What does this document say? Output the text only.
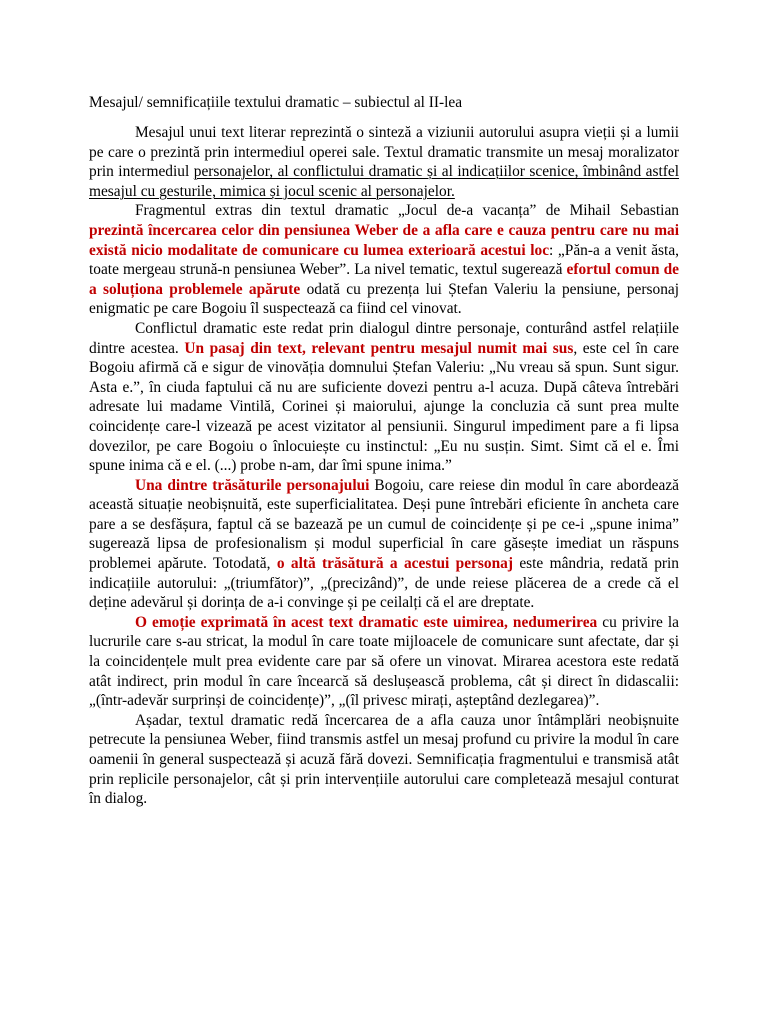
Mesajul/ semnificațiile textului dramatic – subiectul al II-lea

Mesajul unui text literar reprezintă o sinteză a viziunii autorului asupra vieții și a lumii pe care o prezintă prin intermediul operei sale. Textul dramatic transmite un mesaj moralizator prin intermediul personajelor, al conflictului dramatic și al indicațiilor scenice, îmbinând astfel mesajul cu gesturile, mimica și jocul scenic al personajelor.

Fragmentul extras din textul dramatic „Jocul de-a vacanța” de Mihail Sebastian prezintă încercarea celor din pensiunea Weber de a afla care e cauza pentru care nu mai există nicio modalitate de comunicare cu lumea exterioară acestui loc: „Păn-a a venit ăsta, toate mergeau strună-n pensiunea Weber”. La nivel tematic, textul sugerează efortul comun de a soluționa problemele apărute odată cu prezența lui Ștefan Valeriu la pensiune, personaj enigmatic pe care Bogoiu îl suspectează ca fiind cel vinovat.

Conflictul dramatic este redat prin dialogul dintre personaje, conturând astfel relațiile dintre acestea. Un pasaj din text, relevant pentru mesajul numit mai sus, este cel în care Bogoiu afirmă că e sigur de vinovăția domnului Ștefan Valeriu: „Nu vreau să spun. Sunt sigur. Asta e.”, în ciuda faptului că nu are suficiente dovezi pentru a-l acuza. După câteva întrebări adresate lui madame Vintilă, Corinei și maiorului, ajunge la concluzia că sunt prea multe coincidențe care-l vizează pe acest vizitator al pensiunii. Singurul impediment pare a fi lipsa dovezilor, pe care Bogoiu o înlocuiește cu instinctul: „Eu nu susțin. Simt. Simt că el e. Îmi spune inima că e el. (...) probe n-am, dar îmi spune inima.”

Una dintre trăsăturile personajului Bogoiu, care reiese din modul în care abordează această situație neobișnuită, este superficialitatea. Deși pune întrebări eficiente în ancheta care pare a se desfășura, faptul că se bazează pe un cumul de coincidențe și pe ce-i „spune inima” sugerează lipsa de profesionalism și modul superficial în care găsește imediat un răspuns problemei apărute. Totodată, o altă trăsătură a acestui personaj este mândria, redată prin indicațiile autorului: „(triumfător)”, „(precizând)”, de unde reiese plăcerea de a crede că el deține adevărul și dorința de a-i convinge și pe ceilalți că el are dreptate.

O emoție exprimată în acest text dramatic este uimirea, nedumerirea cu privire la lucrurile care s-au stricat, la modul în care toate mijloacele de comunicare sunt afectate, dar și la coincidențele mult prea evidente care par să ofere un vinovat. Mirarea acestora este redată atât indirect, prin modul în care încearcă să deslușească problema, cât și direct în didascalii: „(într-adevăr surprinși de coincidențe)”, „(îl privesc mirați, așteptând dezlegarea)”.

Așadar, textul dramatic redă încercarea de a afla cauza unor întâmplări neobișnuite petrecute la pensiunea Weber, fiind transmis astfel un mesaj profund cu privire la modul în care oamenii în general suspectează și acuză fără dovezi. Semnificația fragmentului e transmisă atât prin replicile personajelor, cât și prin intervențiile autorului care completează mesajul conturat în dialog.
